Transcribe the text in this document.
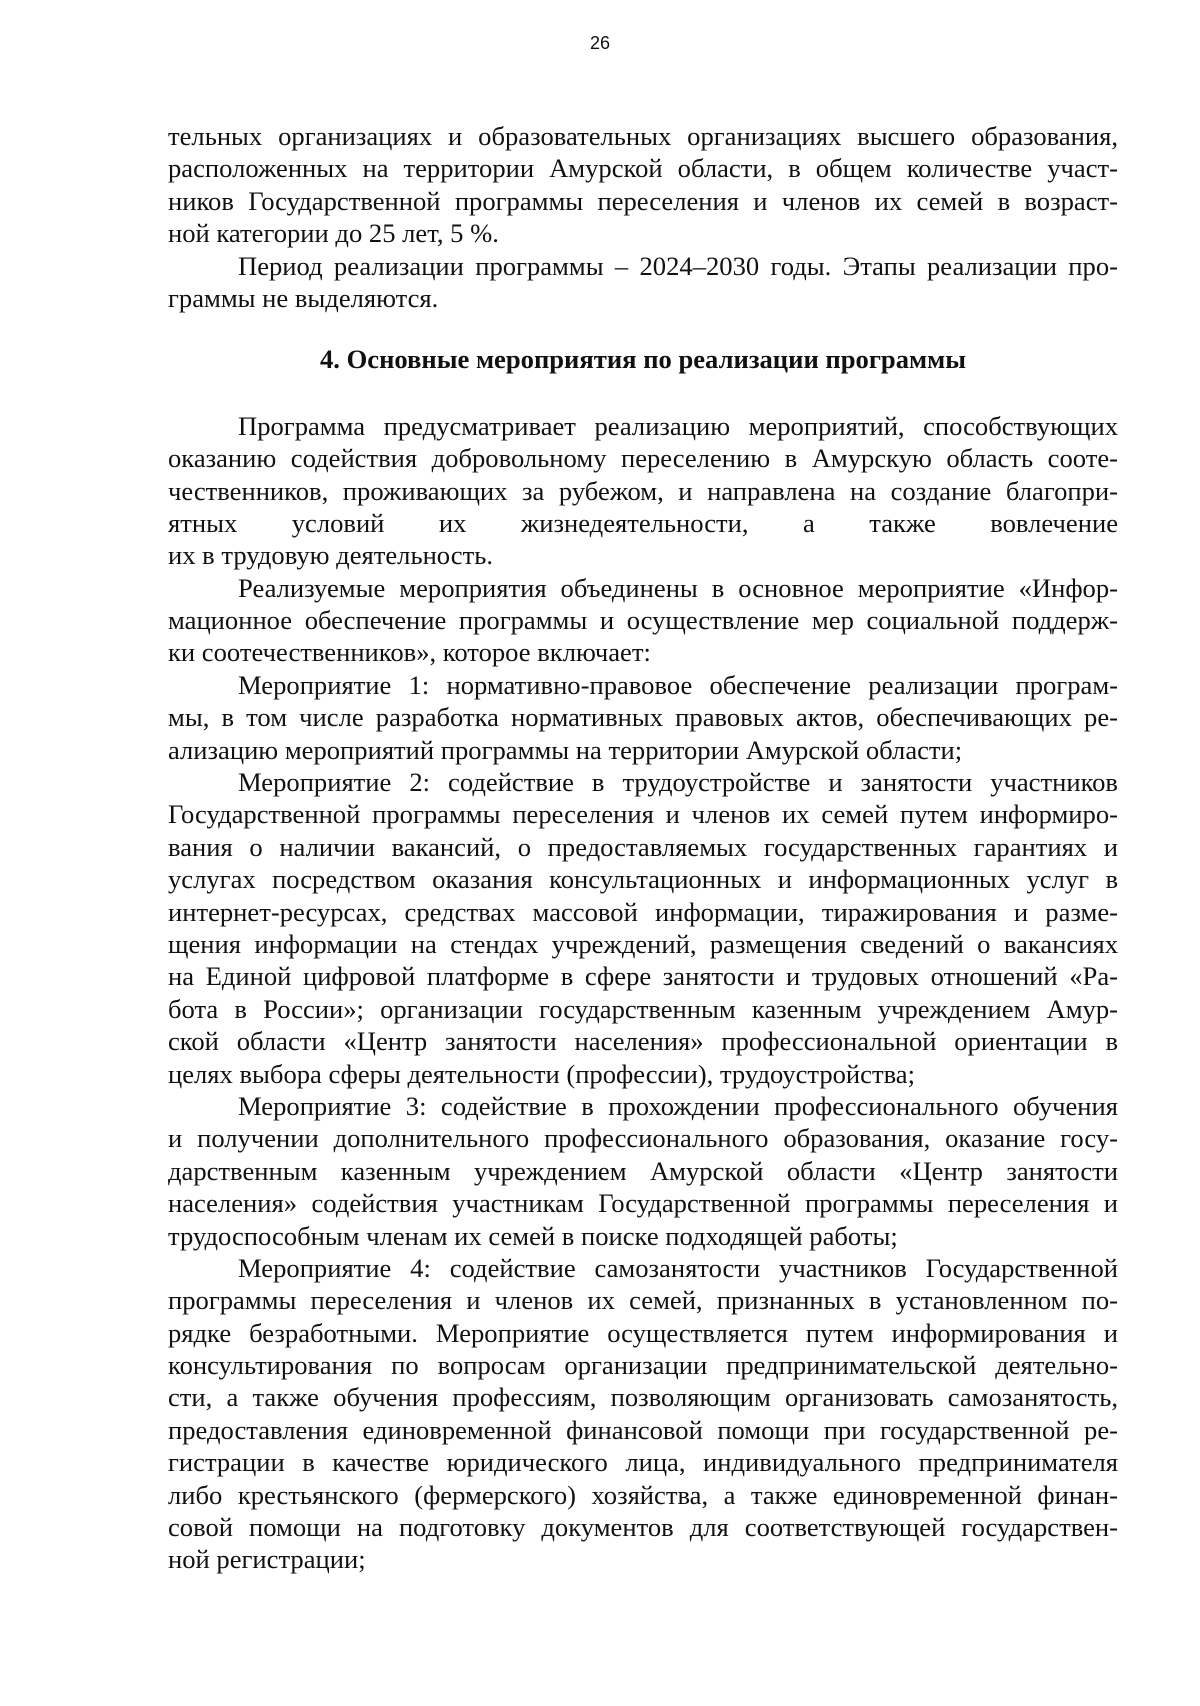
26
тельных организациях и образовательных организациях высшего образования,
расположенных на территории Амурской области, в общем количестве участ-
ников Государственной программы переселения и членов их семей в возраст-
ной категории до 25 лет, 5 %.
Период реализации программы – 2024–2030 годы. Этапы реализации про-
граммы не выделяются.
4. Основные мероприятия по реализации программы
Программа предусматривает реализацию мероприятий, способствующих
оказанию содействия добровольному переселению в Амурскую область сооте-
чественников, проживающих за рубежом, и направлена на создание благопри-
ятных условий их жизнедеятельности, а также вовлечение
их в трудовую деятельность.
Реализуемые мероприятия объединены в основное мероприятие «Инфор-
мационное обеспечение программы и осуществление мер социальной поддерж-
ки соотечественников», которое включает:
Мероприятие 1: нормативно-правовое обеспечение реализации програм-
мы, в том числе разработка нормативных правовых актов, обеспечивающих ре-
ализацию мероприятий программы на территории Амурской области;
Мероприятие 2: содействие в трудоустройстве и занятости участников
Государственной программы переселения и членов их семей путем информиро-
вания о наличии вакансий, о предоставляемых государственных гарантиях и
услугах посредством оказания консультационных и информационных услуг в
интернет-ресурсах, средствах массовой информации, тиражирования и разме-
щения информации на стендах учреждений, размещения сведений о вакансиях
на Единой цифровой платформе в сфере занятости и трудовых отношений «Ра-
бота в России»; организации государственным казенным учреждением Амур-
ской области «Центр занятости населения» профессиональной ориентации в
целях выбора сферы деятельности (профессии), трудоустройства;
Мероприятие 3: содействие в прохождении профессионального обучения
и получении дополнительного профессионального образования, оказание госу-
дарственным казенным учреждением Амурской области «Центр занятости
населения» содействия участникам Государственной программы переселения и
трудоспособным членам их семей в поиске подходящей работы;
Мероприятие 4: содействие самозанятости участников Государственной
программы переселения и членов их семей, признанных в установленном по-
рядке безработными. Мероприятие осуществляется путем информирования и
консультирования по вопросам организации предпринимательской деятельно-
сти, а также обучения профессиям, позволяющим организовать самозанятость,
предоставления единовременной финансовой помощи при государственной ре-
гистрации в качестве юридического лица, индивидуального предпринимателя
либо крестьянского (фермерского) хозяйства, а также единовременной финан-
совой помощи на подготовку документов для соответствующей государствен-
ной регистрации;
